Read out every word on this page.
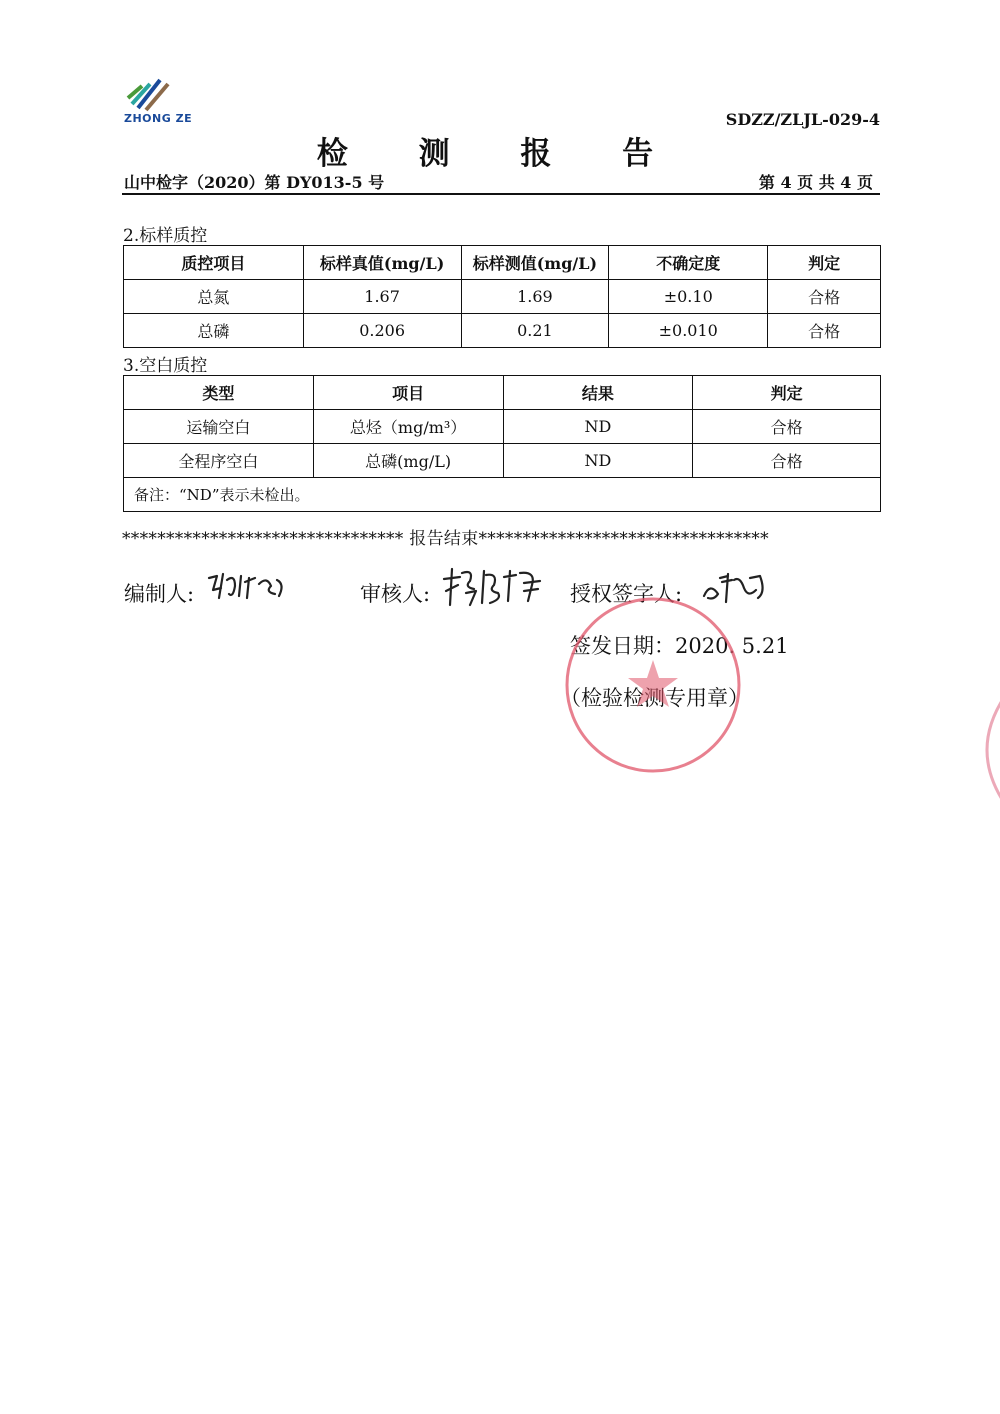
ZHONG ZE	SDZZ/ZLJL-029-4
检 测 报 告
山中检字（2020）第 DY013-5 号	第 4 页 共 4 页
2.标样质控
质控项目	标样真值(mg/L)	标样测值(mg/L)	不确定度	判定
总氮	1.67	1.69	±0.10	合格
总磷	0.206	0.21	±0.010	合格
3.空白质控
类型	项目	结果	判定
运输空白	总烃（mg/m³）	ND	合格
全程序空白	总磷(mg/L)	ND	合格
备注：“ND”表示未检出。			
******************************** 报告结束*********************************
编制人:	审核人:	授权签字人:
签发日期：2020. 5.21
（检验检测专用章）
